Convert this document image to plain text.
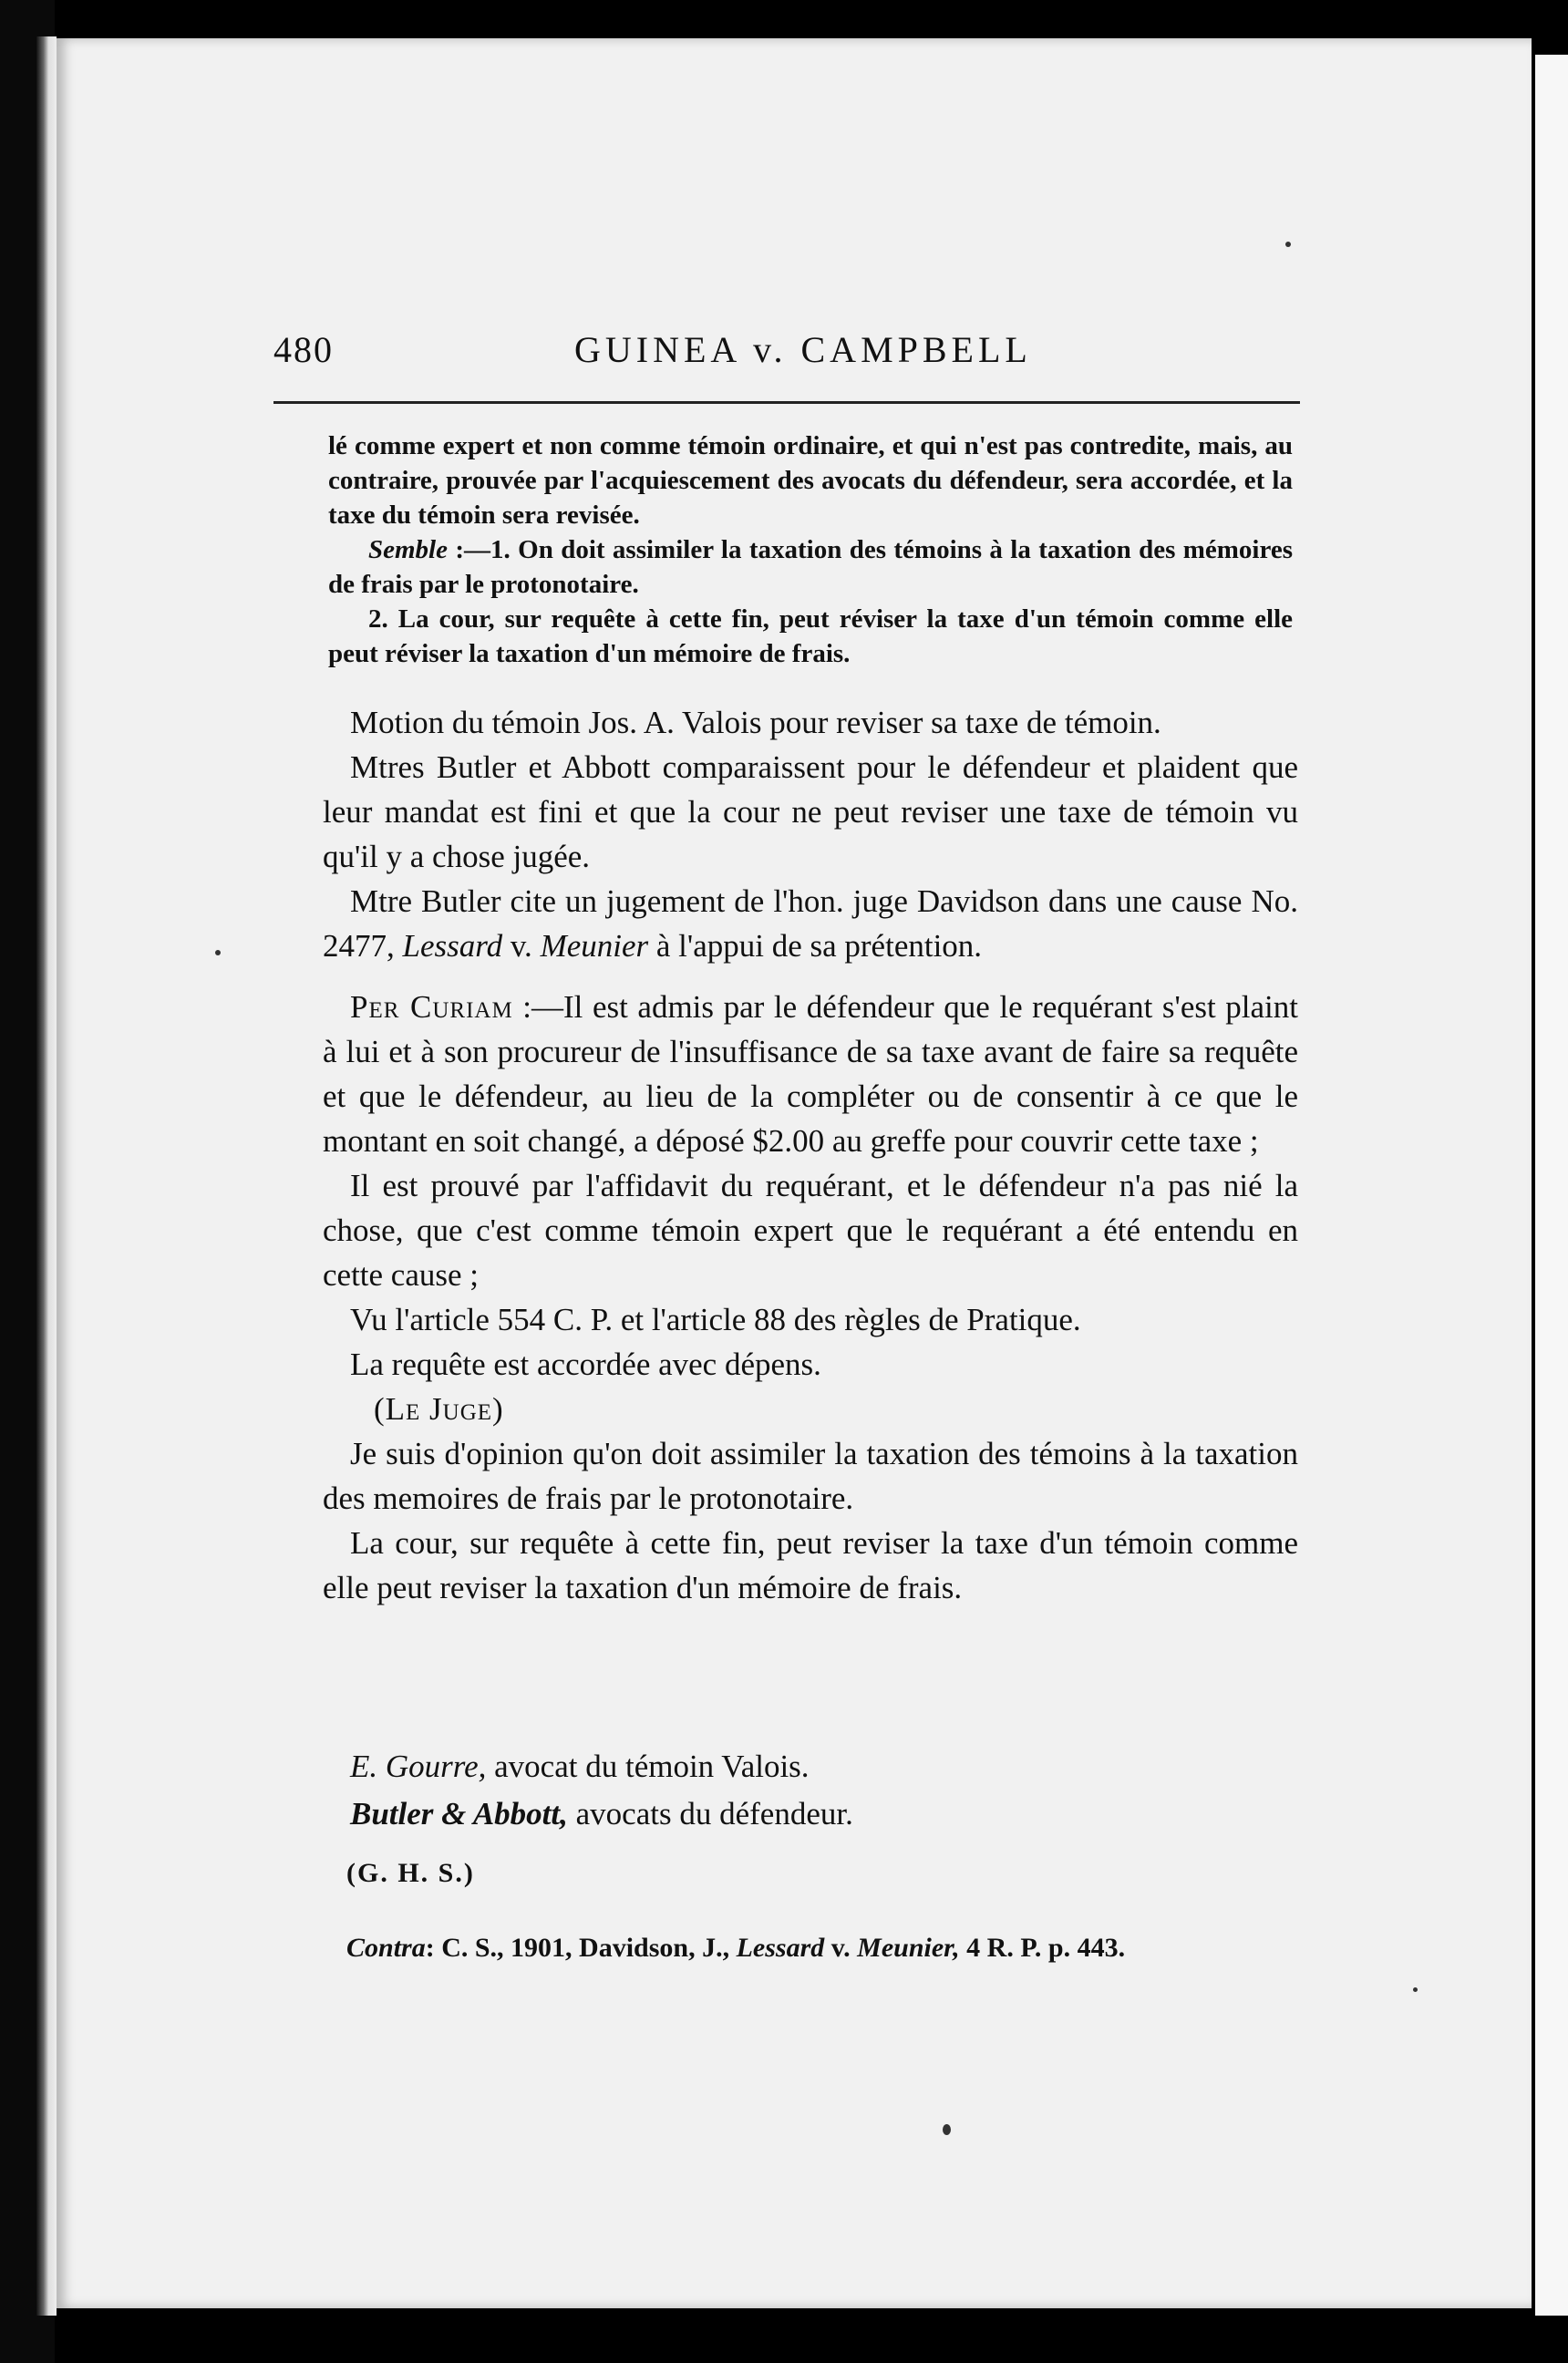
480	GUINEA v. CAMPBELL

lé comme expert et non comme témoin ordinaire, et qui n'est pas contredite, mais, au contraire, prouvée par l'acquiescement des avocats du défendeur, sera accordée, et la taxe du témoin sera revisée.

Semble :—1. On doit assimiler la taxation des témoins à la taxation des mémoires de frais par le protonotaire.

2. La cour, sur requête à cette fin, peut réviser la taxe d'un témoin comme elle peut réviser la taxation d'un mémoire de frais.

Motion du témoin Jos. A. Valois pour reviser sa taxe de témoin.

Mtres Butler et Abbott comparaissent pour le défendeur et plaident que leur mandat est fini et que la cour ne peut reviser une taxe de témoin vu qu'il y a chose jugée.

Mtre Butler cite un jugement de l'hon. juge Davidson dans une cause No. 2477, Lessard v. Meunier à l'appui de sa prétention.

Per Curiam :—Il est admis par le défendeur que le requérant s'est plaint à lui et à son procureur de l'insuffisance de sa taxe avant de faire sa requête et que le défendeur, au lieu de la compléter ou de consentir à ce que le montant en soit changé, a déposé $2.00 au greffe pour couvrir cette taxe ;

Il est prouvé par l'affidavit du requérant, et le défendeur n'a pas nié la chose, que c'est comme témoin expert que le requérant a été entendu en cette cause ;

Vu l'article 554 C. P. et l'article 88 des règles de Pratique.

La requête est accordée avec dépens.

(Le Juge)

Je suis d'opinion qu'on doit assimiler la taxation des témoins à la taxation des memoires de frais par le protonotaire.

La cour, sur requête à cette fin, peut reviser la taxe d'un témoin comme elle peut reviser la taxation d'un mémoire de frais.

E. Gourre, avocat du témoin Valois.

Butler & Abbott, avocats du défendeur.

(G. H. S.)
Contra: C. S., 1901, Davidson, J., Lessard v. Meunier, 4 R. P. p. 443.
